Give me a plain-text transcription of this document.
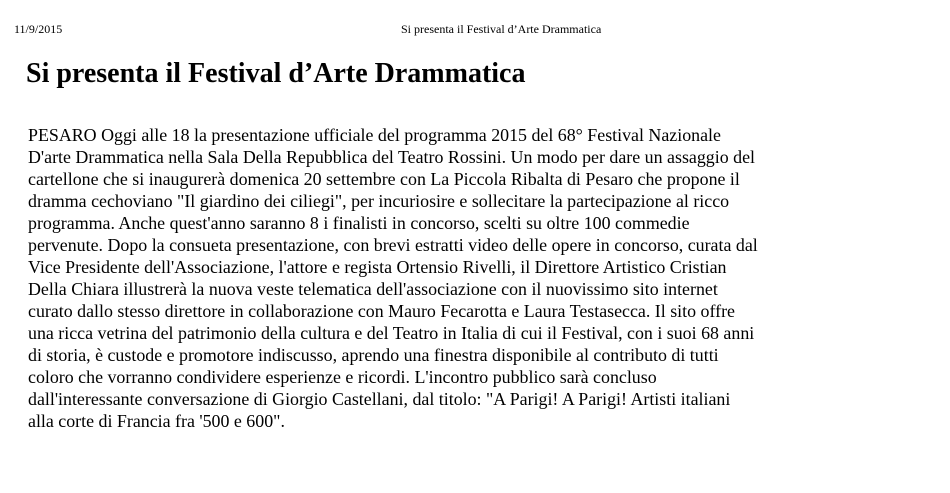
11/9/2015	Si presenta il Festival d’Arte Drammatica
Si presenta il Festival d’Arte Drammatica
PESARO Oggi alle 18 la presentazione ufficiale del programma 2015 del 68° Festival Nazionale
D'arte Drammatica nella Sala Della Repubblica del Teatro Rossini. Un modo per dare un assaggio del
cartellone che si inaugurerà domenica 20 settembre con La Piccola Ribalta di Pesaro che propone il
dramma cechoviano "Il giardino dei ciliegi", per incuriosire e sollecitare la partecipazione al ricco
programma. Anche quest'anno saranno 8 i finalisti in concorso, scelti su oltre 100 commedie
pervenute. Dopo la consueta presentazione, con brevi estratti video delle opere in concorso, curata dal
Vice Presidente dell'Associazione, l'attore e regista Ortensio Rivelli, il Direttore Artistico Cristian
Della Chiara illustrerà la nuova veste telematica dell'associazione con il nuovissimo sito internet
curato dallo stesso direttore in collaborazione con Mauro Fecarotta e Laura Testasecca. Il sito offre
una ricca vetrina del patrimonio della cultura e del Teatro in Italia di cui il Festival, con i suoi 68 anni
di storia, è custode e promotore indiscusso, aprendo una finestra disponibile al contributo di tutti
coloro che vorranno condividere esperienze e ricordi. L'incontro pubblico sarà concluso
dall'interessante conversazione di Giorgio Castellani, dal titolo: "A Parigi! A Parigi! Artisti italiani
alla corte di Francia fra '500 e 600".
